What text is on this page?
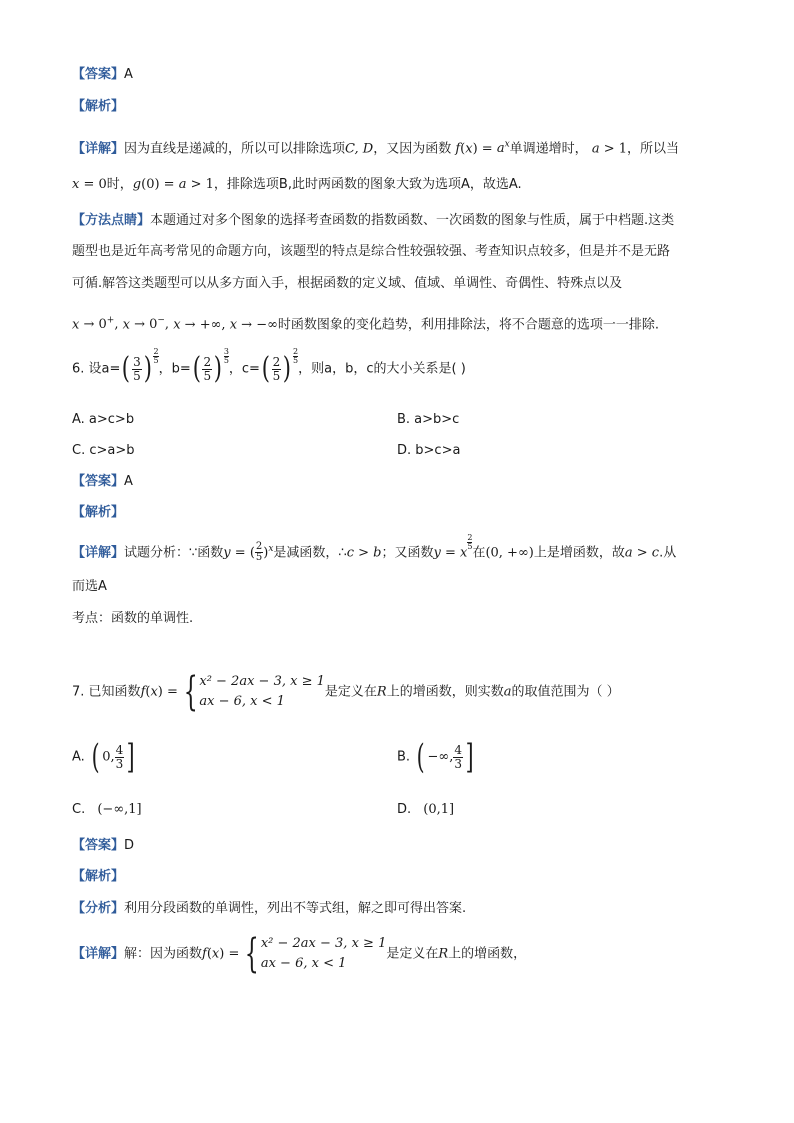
【答案】A
【解析】
【详解】因为直线是递减的，所以可以排除选项C, D，又因为函数 $f(x) = a^x$单调递增时， a > 1，所以当
x = 0时，g(0) = a > 1，排除选项B,此时两函数的图象大致为选项A，故选A.
【方法点睛】本题通过对多个图象的选择考查函数的指数函数、一次函数的图象与性质，属于中档题.这类
题型也是近年高考常见的命题方向，该题型的特点是综合性较强较强、考查知识点较多，但是并不是无路
可循.解答这类题型可以从多方面入手，根据函数的定义域、值域、单调性、奇偶性、特殊点以及
x → 0+, x → 0−, x → +∞, x → −∞时函数图象的变化趋势，利用排除法，将不合题意的选项一一排除.
6. 设$a=( \frac{3}{5}$ ) $\frac{2}{5}$
，$b=( \frac{2}{5}$ ) $\frac{3}{5}$
，$c=( \frac{2}{5}$ ) $\frac{2}{5}$
，则a，b，c的大小关系是( )
A. a>c>b	B. a>b>c
C. c>a>b	D. b>c>a
【答案】A
【解析】
【详解】试题分析：∵函数y = ( $\frac{2}{5} )^x$是减函数，∴c > b；又函数y = x
$\frac{2}{5}$
在(0, +∞)上是增函数，故a > c.从
而选A
考点：函数的单调性.
7. 已知函数f(x) = { x² − 2ax − 3, x ≥ 1
ax − 6, x < 1
是定义在R上的增函数，则实数a的取值范围为（ ）
A. ( 0, $\frac{4}{3}$ ]	B. ( −∞, $\frac{4}{3}$ ]
C. (−∞,1]	D. (0,1]
【答案】D
【解析】
【分析】利用分段函数的单调性，列出不等式组，解之即可得出答案.
【详解】解：因为函数f(x) = { x² − 2ax − 3, x ≥ 1
ax − 6, x < 1
是定义在R上的增函数，
